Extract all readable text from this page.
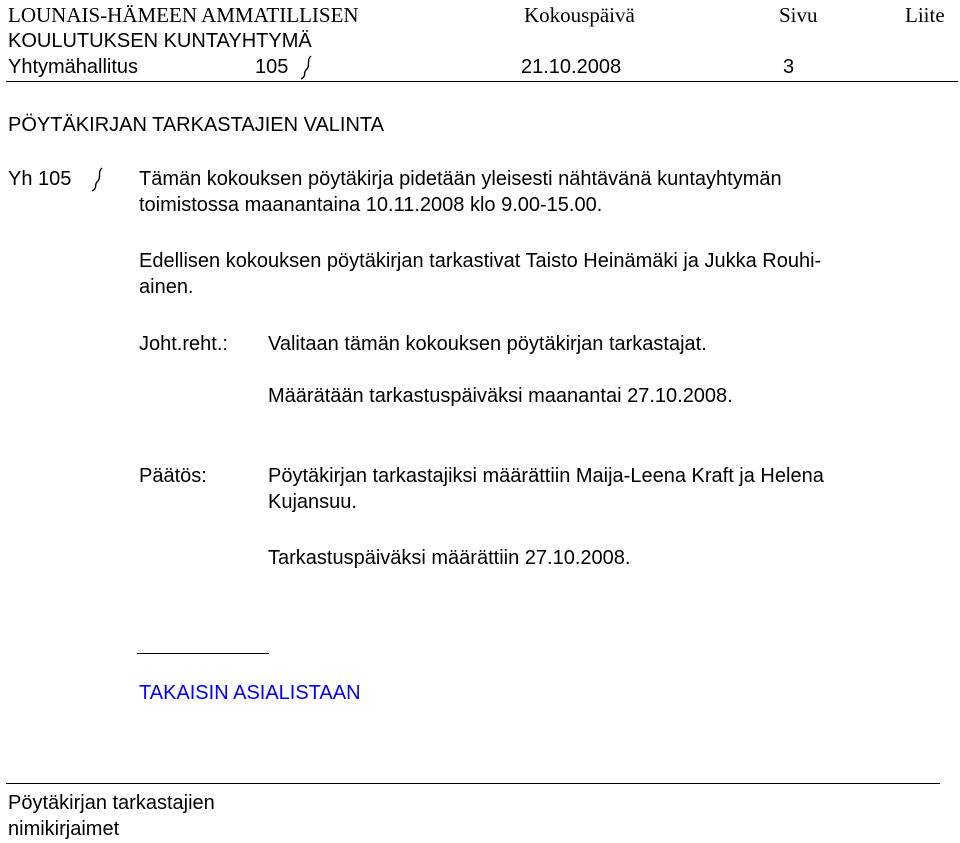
LOUNAIS-HÄMEEN AMMATILLISEN	Kokouspäivä	Sivu	Liite
KOULUTUKSEN KUNTAYHTYMÄ
Yhtymähallitus	105	21.10.2008	3
PÖYTÄKIRJAN TARKASTAJIEN VALINTA
Yh 105	Tämän kokouksen pöytäkirja pidetään yleisesti nähtävänä kuntayhtymän
toimistossa maanantaina 10.11.2008 klo 9.00-15.00.
Edellisen kokouksen pöytäkirjan tarkastivat Taisto Heinämäki ja Jukka Rouhi-
ainen.
Joht.reht.: Valitaan tämän kokouksen pöytäkirjan tarkastajat.
Määrätään tarkastuspäiväksi maanantai 27.10.2008.
Päätös:	Pöytäkirjan tarkastajiksi määrättiin Maija-Leena Kraft ja Helena
Kujansuu.
Tarkastuspäiväksi määrättiin 27.10.2008.
TAKAISIN ASIALISTAAN
Pöytäkirjan tarkastajien
nimikirjaimet
